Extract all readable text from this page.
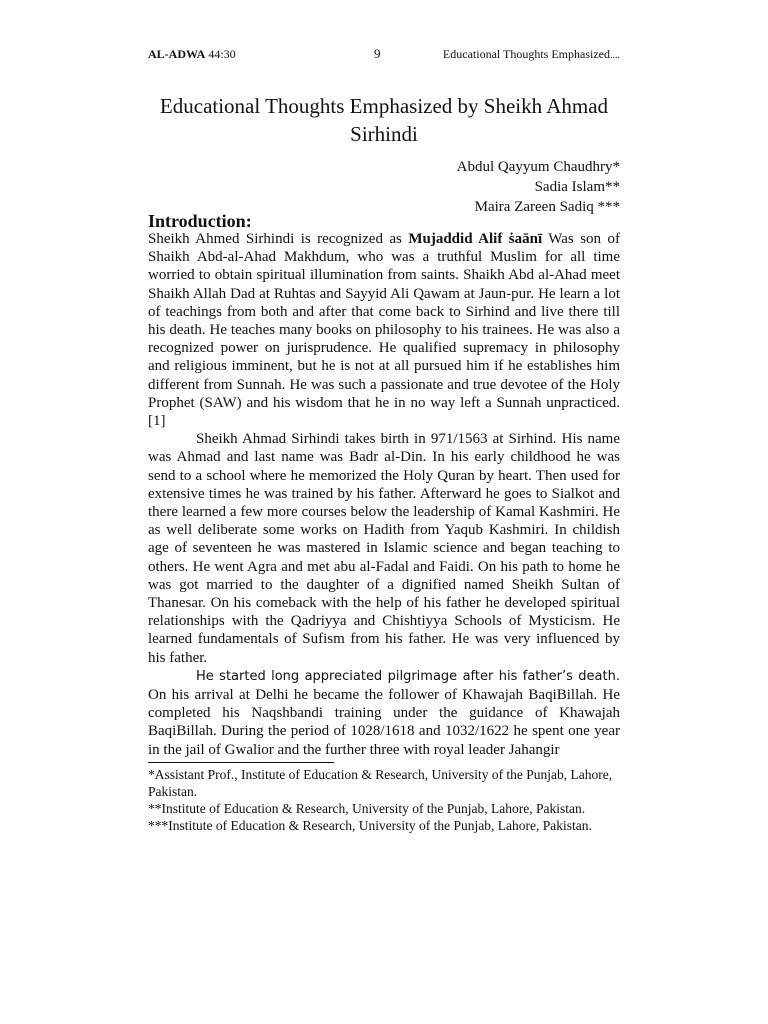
AL-ADWA 44:30	9	Educational Thoughts Emphasized....
Educational Thoughts Emphasized by Sheikh Ahmad Sirhindi
Abdul Qayyum Chaudhry*
Sadia Islam**
Maira Zareen Sadiq ***
Introduction:

Sheikh Ahmed Sirhindi is recognized as Mujaddid Alif ṡaānī Was son of Shaikh Abd-al-Ahad Makhdum, who was a truthful Muslim for all time worried to obtain spiritual illumination from saints. Shaikh Abd al-Ahad meet Shaikh Allah Dad at Ruhtas and Sayyid Ali Qawam at Jaun-pur. He learn a lot of teachings from both and after that come back to Sirhind and live there till his death. He teaches many books on philosophy to his trainees. He was also a recognized power on jurisprudence. He qualified supremacy in philosophy and religious imminent, but he is not at all pursued him if he establishes him different from Sunnah. He was such a passionate and true devotee of the Holy Prophet (SAW) and his wisdom that he in no way left a Sunnah unpracticed. [1]

Sheikh Ahmad Sirhindi takes birth in 971/1563 at Sirhind. His name was Ahmad and last name was Badr al-Din. In his early childhood he was send to a school where he memorized the Holy Quran by heart. Then used for extensive times he was trained by his father. Afterward he goes to Sialkot and there learned a few more courses below the leadership of Kamal Kashmiri. He as well deliberate some works on Hadith from Yaqub Kashmiri. In childish age of seventeen he was mastered in Islamic science and began teaching to others. He went Agra and met abu al-Fadal and Faidi. On his path to home he was got married to the daughter of a dignified named Sheikh Sultan of Thanesar. On his comeback with the help of his father he developed spiritual relationships with the Qadriyya and Chishtiyya Schools of Mysticism. He learned fundamentals of Sufism from his father. He was very influenced by his father.

He started long appreciated pilgrimage after his father’s death. On his arrival at Delhi he became the follower of Khawajah BaqiBillah. He completed his Naqshbandi training under the guidance of Khawajah BaqiBillah. During the period of 1028/1618 and 1032/1622 he spent one year in the jail of Gwalior and the further three with royal leader Jahangir

*Assistant Prof., Institute of Education & Research, University of the Punjab, Lahore, Pakistan.

**Institute of Education & Research, University of the Punjab, Lahore, Pakistan.

***Institute of Education & Research, University of the Punjab, Lahore, Pakistan.
